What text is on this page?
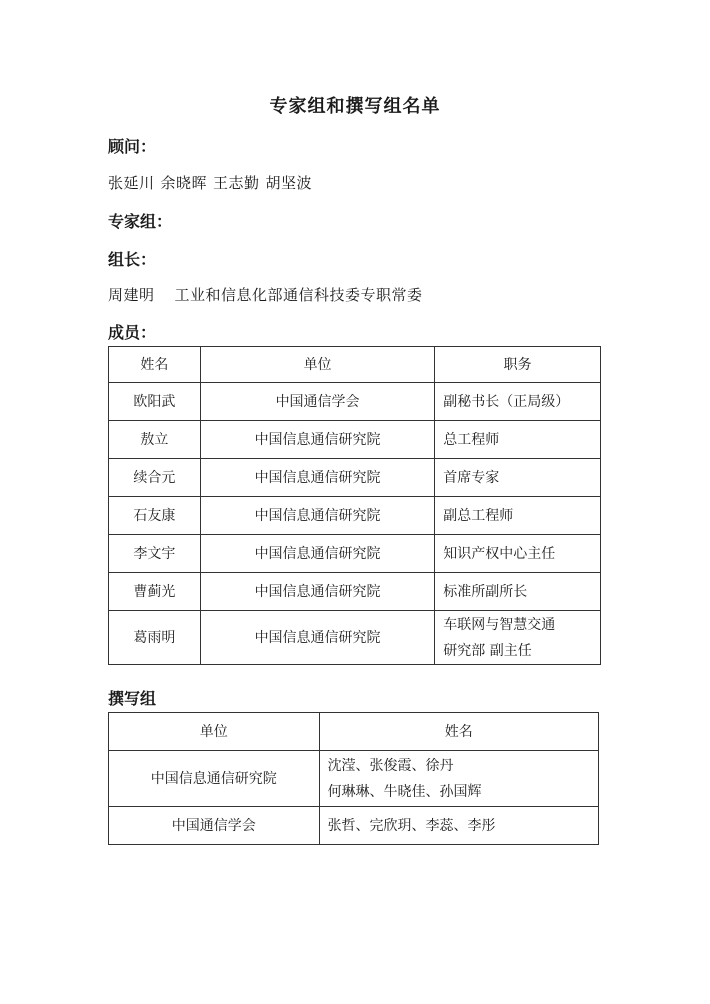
专家组和撰写组名单
顾问：
张延川 余晓晖 王志勤 胡坚波
专家组：
组长：
周建明 工业和信息化部通信科技委专职常委
成员：
姓名	单位	职务
欧阳武	中国通信学会	副秘书长（正局级）
敖立	中国信息通信研究院	总工程师
续合元	中国信息通信研究院	首席专家
石友康	中国信息通信研究院	副总工程师
李文宇	中国信息通信研究院	知识产权中心主任
曹蓟光	中国信息通信研究院	标准所副所长
葛雨明	中国信息通信研究院	车联网与智慧交通
研究部 副主任
撰写组
单位	姓名
中国信息通信研究院	沈滢、张俊霞、徐丹
何琳琳、牛晓佳、孙国辉

中国通信学会	张哲、完欣玥、李蕊、李彤
